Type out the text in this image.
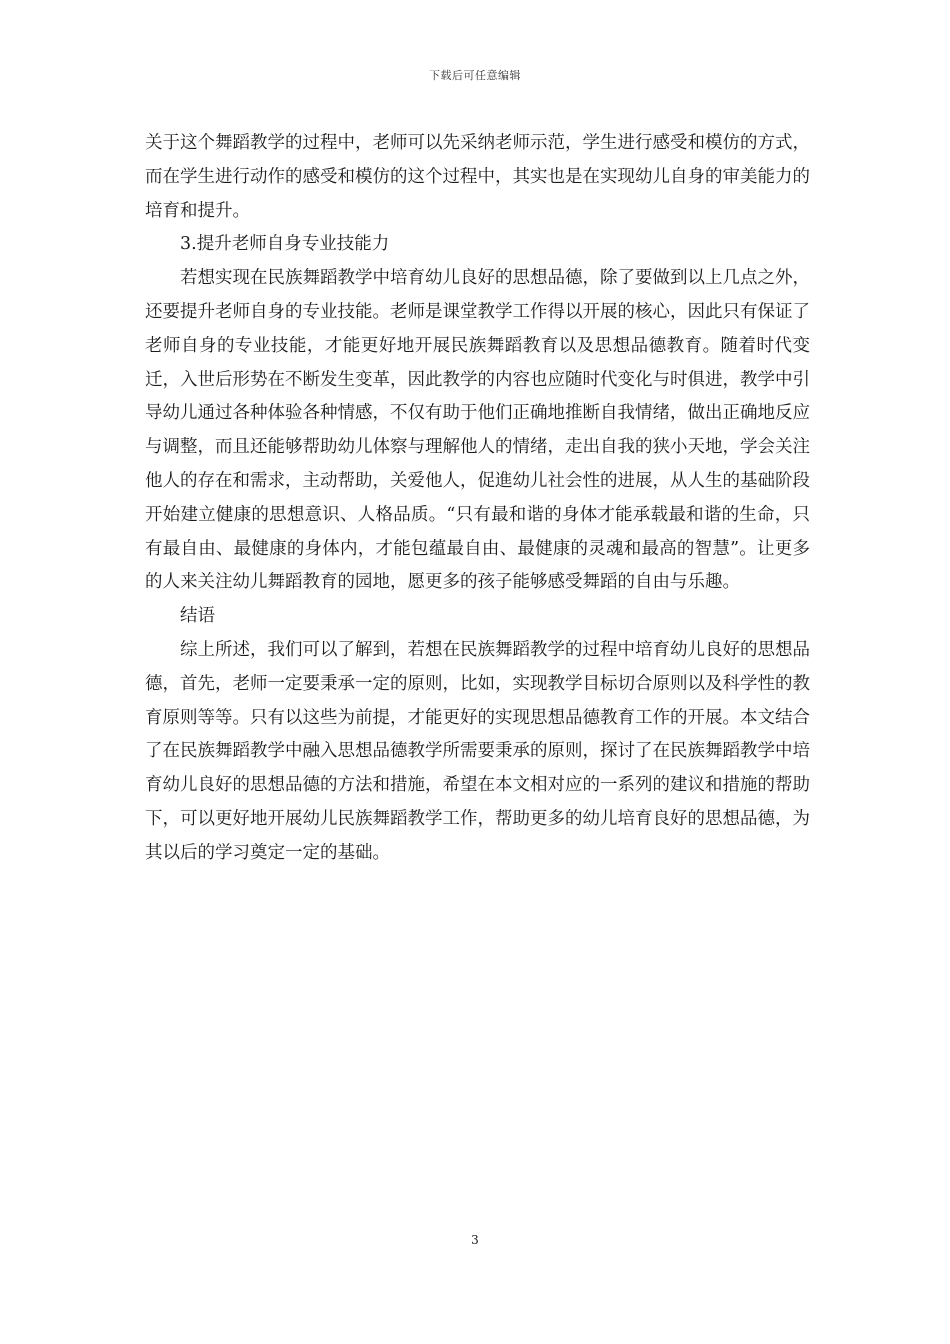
下载后可任意编辑

关于这个舞蹈教学的过程中，老师可以先采纳老师示范，学生进行感受和模仿的方式，而在学生进行动作的感受和模仿的这个过程中，其实也是在实现幼儿自身的审美能力的培育和提升。

3.提升老师自身专业技能力

若想实现在民族舞蹈教学中培育幼儿良好的思想品德，除了要做到以上几点之外，还要提升老师自身的专业技能。老师是课堂教学工作得以开展的核心，因此只有保证了老师自身的专业技能，才能更好地开展民族舞蹈教育以及思想品德教育。随着时代变迁，入世后形势在不断发生变革，因此教学的内容也应随时代变化与时俱进，教学中引导幼儿通过各种体验各种情感，不仅有助于他们正确地推断自我情绪，做出正确地反应与调整，而且还能够帮助幼儿体察与理解他人的情绪，走出自我的狭小天地，学会关注他人的存在和需求，主动帮助，关爱他人，促進幼儿社会性的进展，从人生的基础阶段开始建立健康的思想意识、人格品质。“只有最和谐的身体才能承载最和谐的生命，只有最自由、最健康的身体内，才能包蕴最自由、最健康的灵魂和最高的智慧”。让更多的人来关注幼儿舞蹈教育的园地，愿更多的孩子能够感受舞蹈的自由与乐趣。

结语

综上所述，我们可以了解到，若想在民族舞蹈教学的过程中培育幼儿良好的思想品德，首先，老师一定要秉承一定的原则，比如，实现教学目标切合原则以及科学性的教育原则等等。只有以这些为前提，才能更好的实现思想品德教育工作的开展。本文结合了在民族舞蹈教学中融入思想品德教学所需要秉承的原则，探讨了在民族舞蹈教学中培育幼儿良好的思想品德的方法和措施，希望在本文相对应的一系列的建议和措施的帮助下，可以更好地开展幼儿民族舞蹈教学工作，帮助更多的幼儿培育良好的思想品德，为其以后的学习奠定一定的基础。

3
